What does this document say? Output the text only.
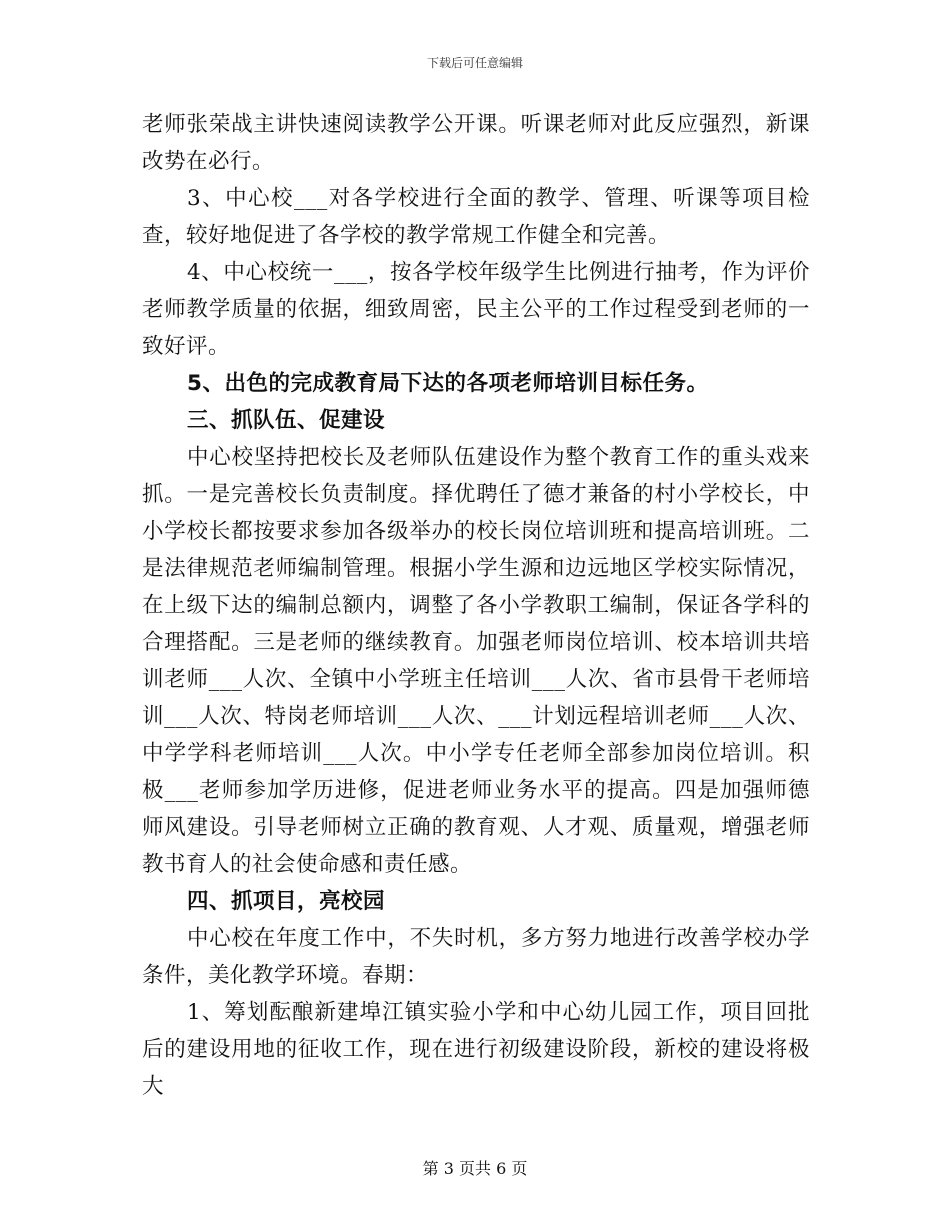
下载后可任意编辑

老师张荣战主讲快速阅读教学公开课。听课老师对此反应强烈，新课改势在必行。

3、中心校___对各学校进行全面的教学、管理、听课等项目检查，较好地促进了各学校的教学常规工作健全和完善。

4、中心校统一___，按各学校年级学生比例进行抽考，作为评价老师教学质量的依据，细致周密，民主公平的工作过程受到老师的一致好评。

5、出色的完成教育局下达的各项老师培训目标任务。

三、抓队伍、促建设

中心校坚持把校长及老师队伍建设作为整个教育工作的重头戏来抓。一是完善校长负责制度。择优聘任了德才兼备的村小学校长，中小学校长都按要求参加各级举办的校长岗位培训班和提高培训班。二是法律规范老师编制管理。根据小学生源和边远地区学校实际情况，在上级下达的编制总额内，调整了各小学教职工编制，保证各学科的合理搭配。三是老师的继续教育。加强老师岗位培训、校本培训共培训老师___人次、全镇中小学班主任培训___人次、省市县骨干老师培训___人次、特岗老师培训___人次、___计划远程培训老师___人次、中学学科老师培训___人次。中小学专任老师全部参加岗位培训。积极___老师参加学历进修，促进老师业务水平的提高。四是加强师德师风建设。引导老师树立正确的教育观、人才观、质量观，增强老师教书育人的社会使命感和责任感。

四、抓项目，亮校园

中心校在年度工作中，不失时机，多方努力地进行改善学校办学条件，美化教学环境。春期：

1、筹划酝酿新建埠江镇实验小学和中心幼儿园工作，项目回批后的建设用地的征收工作，现在进行初级建设阶段，新校的建设将极大

第 3 页共 6 页
